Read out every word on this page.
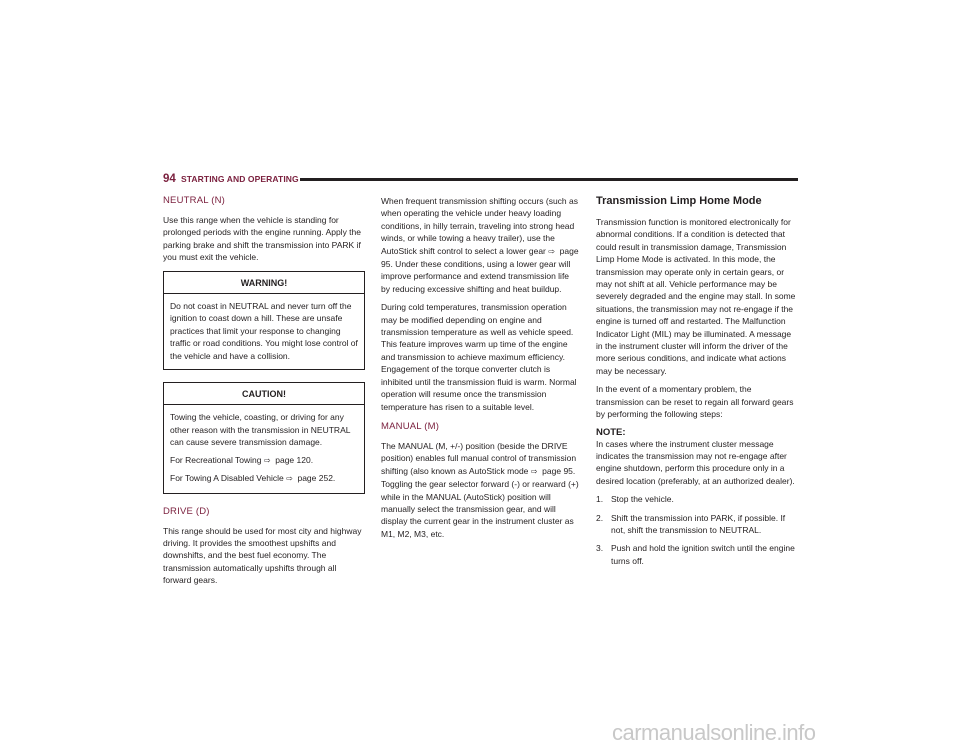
94 STARTING AND OPERATING
NEUTRAL (N)

Use this range when the vehicle is standing for prolonged periods with the engine running. Apply the parking brake and shift the transmission into PARK if you must exit the vehicle.

WARNING!

Do not coast in NEUTRAL and never turn off the ignition to coast down a hill. These are unsafe practices that limit your response to changing traffic or road conditions. You might lose control of the vehicle and have a collision.

CAUTION!

Towing the vehicle, coasting, or driving for any other reason with the transmission in NEUTRAL can cause severe transmission damage.

For Recreational Towing ⇨ page 120.

For Towing A Disabled Vehicle ⇨ page 252.

DRIVE (D)

This range should be used for most city and highway driving. It provides the smoothest upshifts and downshifts, and the best fuel economy. The transmission automatically upshifts through all forward gears.

When frequent transmission shifting occurs (such as when operating the vehicle under heavy loading conditions, in hilly terrain, traveling into strong head winds, or while towing a heavy trailer), use the AutoStick shift control to select a lower gear ⇨ page 95. Under these conditions, using a lower gear will improve performance and extend transmission life by reducing excessive shifting and heat buildup.

During cold temperatures, transmission operation may be modified depending on engine and transmission temperature as well as vehicle speed. This feature improves warm up time of the engine and transmission to achieve maximum efficiency. Engagement of the torque converter clutch is inhibited until the transmission fluid is warm. Normal operation will resume once the transmission temperature has risen to a suitable level.

MANUAL (M)

The MANUAL (M, +/-) position (beside the DRIVE position) enables full manual control of transmission shifting (also known as AutoStick mode ⇨ page 95. Toggling the gear selector forward (-) or rearward (+) while in the MANUAL (AutoStick) position will manually select the transmission gear, and will display the current gear in the instrument cluster as M1, M2, M3, etc.

Transmission Limp Home Mode

Transmission function is monitored electronically for abnormal conditions. If a condition is detected that could result in transmission damage, Transmission Limp Home Mode is activated. In this mode, the transmission may operate only in certain gears, or may not shift at all. Vehicle performance may be severely degraded and the engine may stall. In some situations, the transmission may not re-engage if the engine is turned off and restarted. The Malfunction Indicator Light (MIL) may be illuminated. A message in the instrument cluster will inform the driver of the more serious conditions, and indicate what actions may be necessary.

In the event of a momentary problem, the transmission can be reset to regain all forward gears by performing the following steps:

NOTE:

In cases where the instrument cluster message indicates the transmission may not re-engage after engine shutdown, perform this procedure only in a desired location (preferably, at an authorized dealer).

1. Stop the vehicle.
2. Shift the transmission into PARK, if possible. If not, shift the transmission to NEUTRAL.
3. Push and hold the ignition switch until the engine turns off.
carmanualsonline.info
